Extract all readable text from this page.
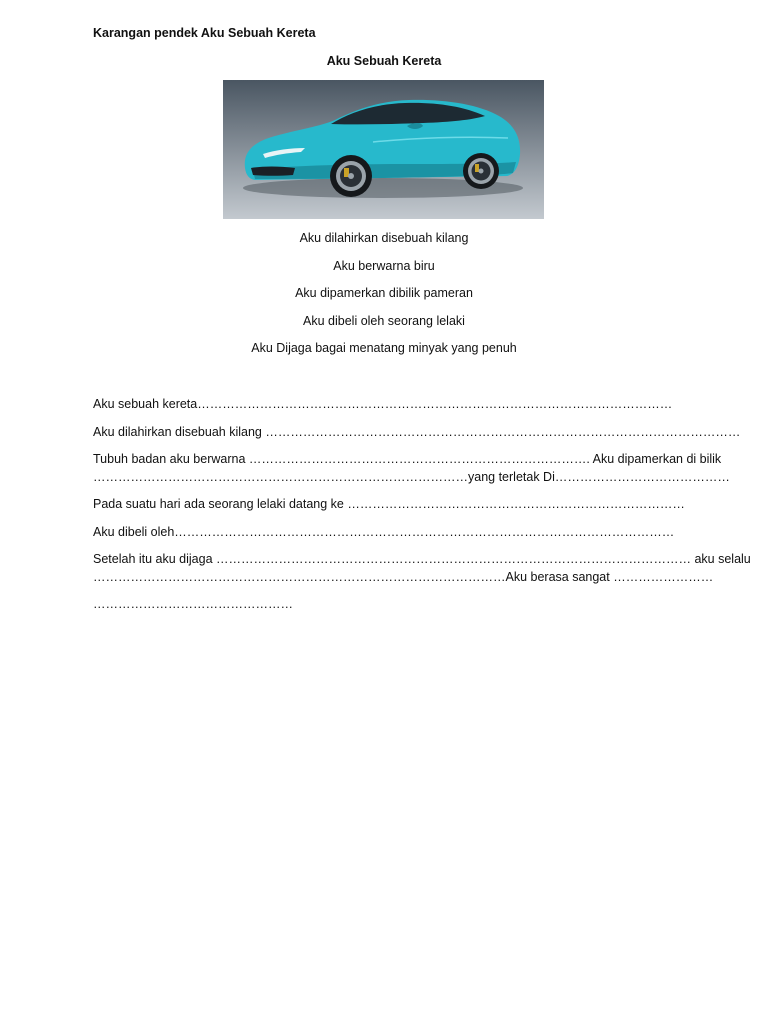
Karangan pendek Aku Sebuah Kereta
Aku Sebuah Kereta
Aku dilahirkan disebuah kilang
Aku berwarna biru
Aku dipamerkan dibilik pameran
Aku dibeli oleh seorang lelaki
Aku Dijaga bagai menatang minyak yang penuh
Aku sebuah kereta……………………………………………………………………………………………………
Aku dilahirkan disebuah kilang ……………………………………………………………………………………………………
Tubuh badan aku berwarna ………………………………………………………………………. Aku dipamerkan di bilik
………………………………………………………………………………yang terletak Di……………………………………
Pada suatu hari ada seorang lelaki datang ke ………………………………………………………………………
Aku dibeli oleh…………………………………………………………………………………………………………
Setelah itu aku dijaga …………………………………………………………………………………………………… aku selalu
………………………………………………………………………………………Aku berasa sangat ……………………
…………………………………………
